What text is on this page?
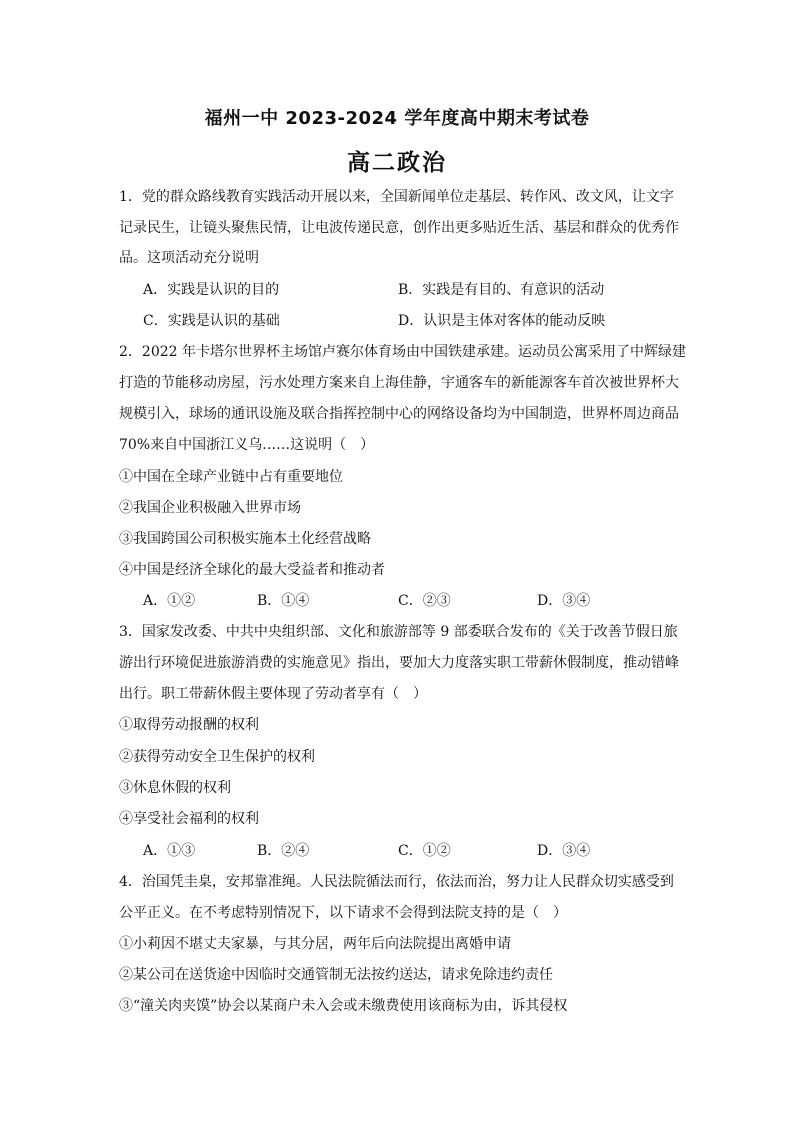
福州一中 2023-2024 学年度高中期末考试卷
高二政治
1．党的群众路线教育实践活动开展以来，全国新闻单位走基层、转作风、改文风，让文字
记录民生，让镜头聚焦民情，让电波传递民意，创作出更多贴近生活、基层和群众的优秀作
品。这项活动充分说明
A．实践是认识的目的	B．实践是有目的、有意识的活动
C．实践是认识的基础	D．认识是主体对客体的能动反映
2．2022 年卡塔尔世界杯主场馆卢赛尔体育场由中国铁建承建。运动员公寓采用了中辉绿建
打造的节能移动房屋，污水处理方案来自上海佳静，宇通客车的新能源客车首次被世界杯大
规模引入，球场的通讯设施及联合指挥控制中心的网络设备均为中国制造，世界杯周边商品
70%来自中国浙江义乌……这说明（　）
①中国在全球产业链中占有重要地位
②我国企业积极融入世界市场
③我国跨国公司积极实施本土化经营战略
④中国是经济全球化的最大受益者和推动者
A．①②	B．①④	C．②③	D．③④
3．国家发改委、中共中央组织部、文化和旅游部等 9 部委联合发布的《关于改善节假日旅
游出行环境促进旅游消费的实施意见》指出，要加大力度落实职工带薪休假制度，推动错峰
出行。职工带薪休假主要体现了劳动者享有（　）
①取得劳动报酬的权利
②获得劳动安全卫生保护的权利
③休息休假的权利
④享受社会福利的权利
A．①③	B．②④	C．①②	D．③④
4．治国凭圭臬，安邦靠准绳。人民法院循法而行，依法而治，努力让人民群众切实感受到
公平正义。在不考虑特别情况下，以下请求不会得到法院支持的是（　）
①小莉因不堪丈夫家暴，与其分居，两年后向法院提出离婚申请
②某公司在送货途中因临时交通管制无法按约送达，请求免除违约责任
③“潼关肉夹馍”协会以某商户未入会或未缴费使用该商标为由，诉其侵权
